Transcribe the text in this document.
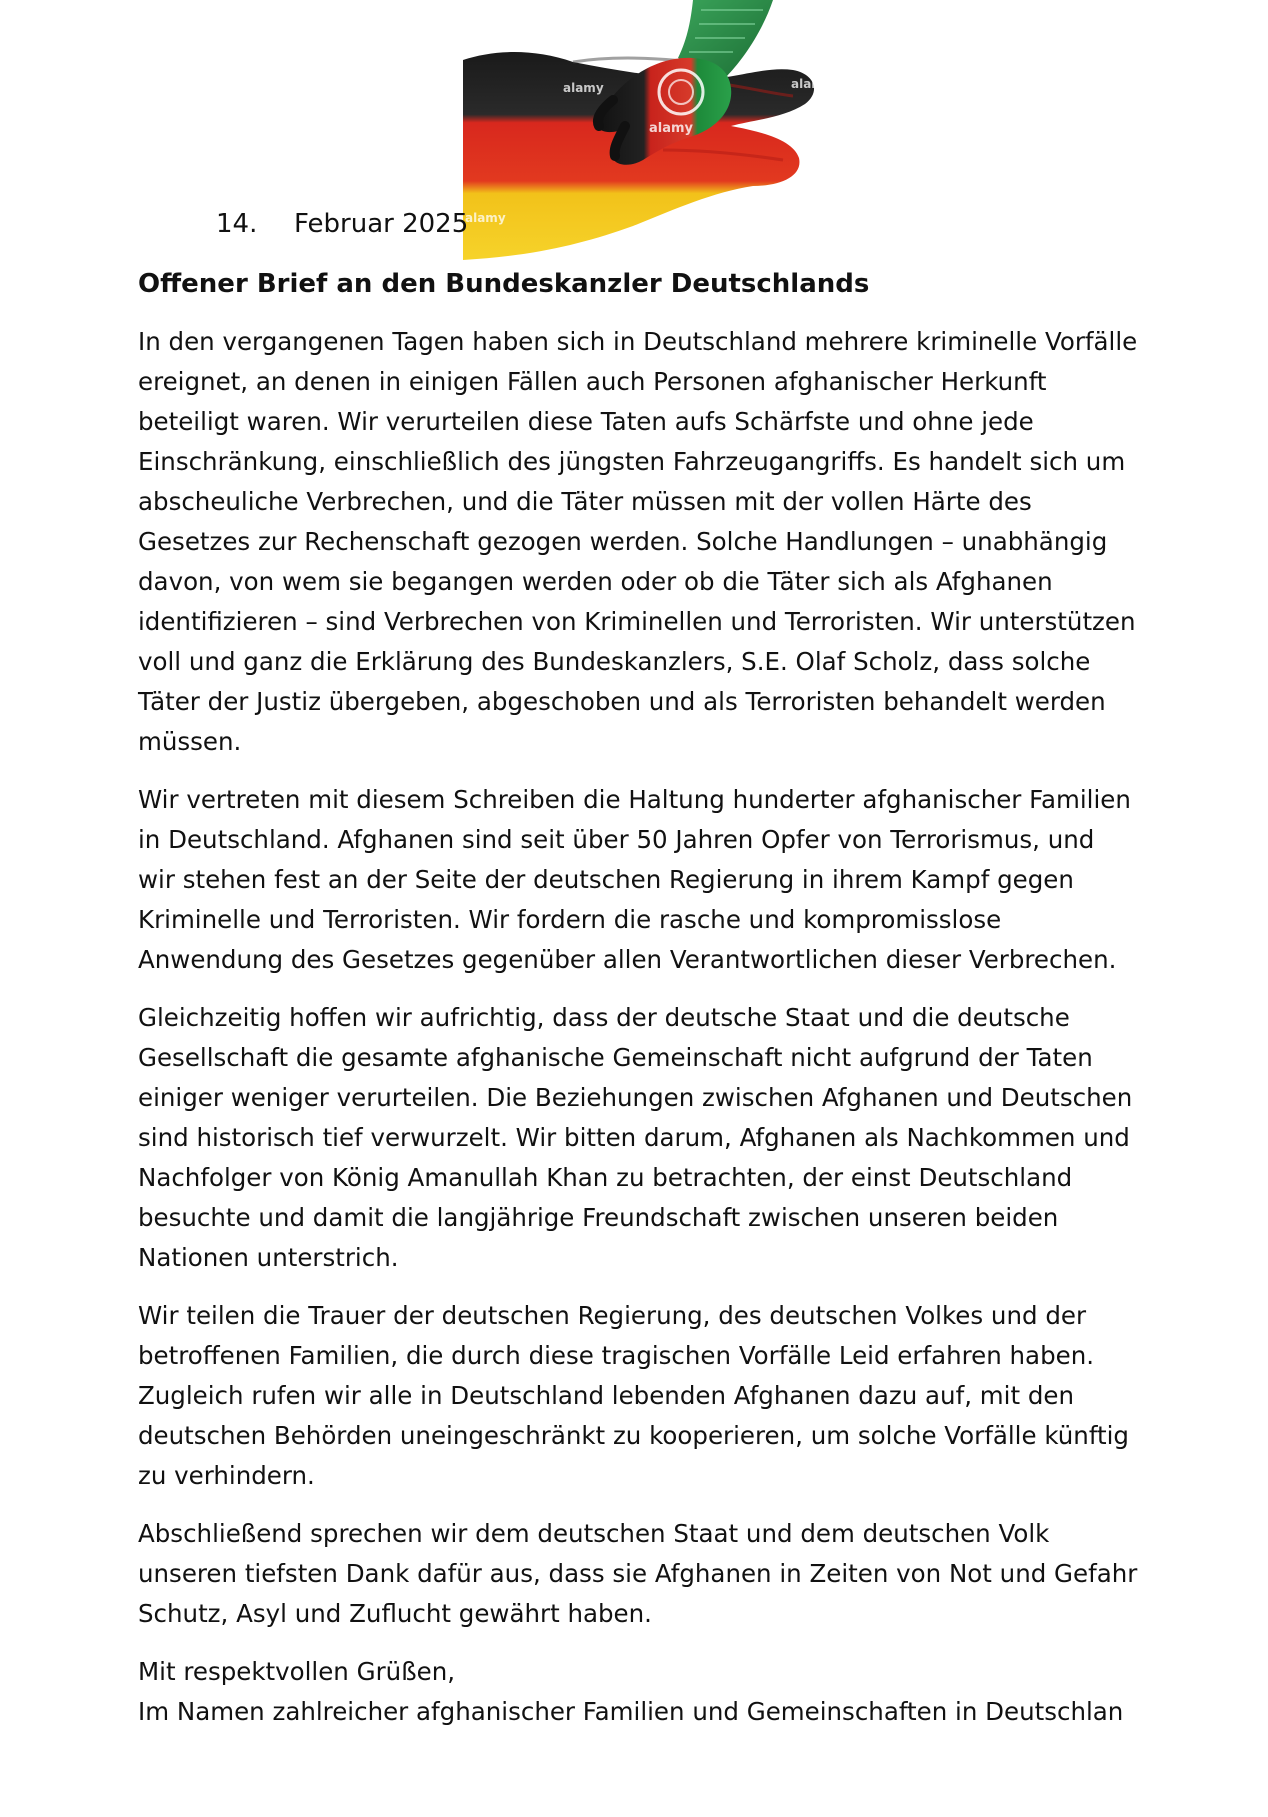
alamy
alamy
alamy
alamy
14. Februar 2025
Offener Brief an den Bundeskanzler Deutschlands
In den vergangenen Tagen haben sich in Deutschland mehrere kriminelle Vorfälle
ereignet, an denen in einigen Fällen auch Personen afghanischer Herkunft
beteiligt waren. Wir verurteilen diese Taten aufs Schärfste und ohne jede
Einschränkung, einschließlich des jüngsten Fahrzeugangriffs. Es handelt sich um
abscheuliche Verbrechen, und die Täter müssen mit der vollen Härte des
Gesetzes zur Rechenschaft gezogen werden. Solche Handlungen – unabhängig
davon, von wem sie begangen werden oder ob die Täter sich als Afghanen
identifizieren – sind Verbrechen von Kriminellen und Terroristen. Wir unterstützen
voll und ganz die Erklärung des Bundeskanzlers, S.E. Olaf Scholz, dass solche
Täter der Justiz übergeben, abgeschoben und als Terroristen behandelt werden
müssen.
Wir vertreten mit diesem Schreiben die Haltung hunderter afghanischer Familien
in Deutschland. Afghanen sind seit über 50 Jahren Opfer von Terrorismus, und
wir stehen fest an der Seite der deutschen Regierung in ihrem Kampf gegen
Kriminelle und Terroristen. Wir fordern die rasche und kompromisslose
Anwendung des Gesetzes gegenüber allen Verantwortlichen dieser Verbrechen.
Gleichzeitig hoffen wir aufrichtig, dass der deutsche Staat und die deutsche
Gesellschaft die gesamte afghanische Gemeinschaft nicht aufgrund der Taten
einiger weniger verurteilen. Die Beziehungen zwischen Afghanen und Deutschen
sind historisch tief verwurzelt. Wir bitten darum, Afghanen als Nachkommen und
Nachfolger von König Amanullah Khan zu betrachten, der einst Deutschland
besuchte und damit die langjährige Freundschaft zwischen unseren beiden
Nationen unterstrich.
Wir teilen die Trauer der deutschen Regierung, des deutschen Volkes und der
betroffenen Familien, die durch diese tragischen Vorfälle Leid erfahren haben.
Zugleich rufen wir alle in Deutschland lebenden Afghanen dazu auf, mit den
deutschen Behörden uneingeschränkt zu kooperieren, um solche Vorfälle künftig
zu verhindern.
Abschließend sprechen wir dem deutschen Staat und dem deutschen Volk
unseren tiefsten Dank dafür aus, dass sie Afghanen in Zeiten von Not und Gefahr
Schutz, Asyl und Zuflucht gewährt haben.
Mit respektvollen Grüßen,
Im Namen zahlreicher afghanischer Familien und Gemeinschaften in Deutschlan
